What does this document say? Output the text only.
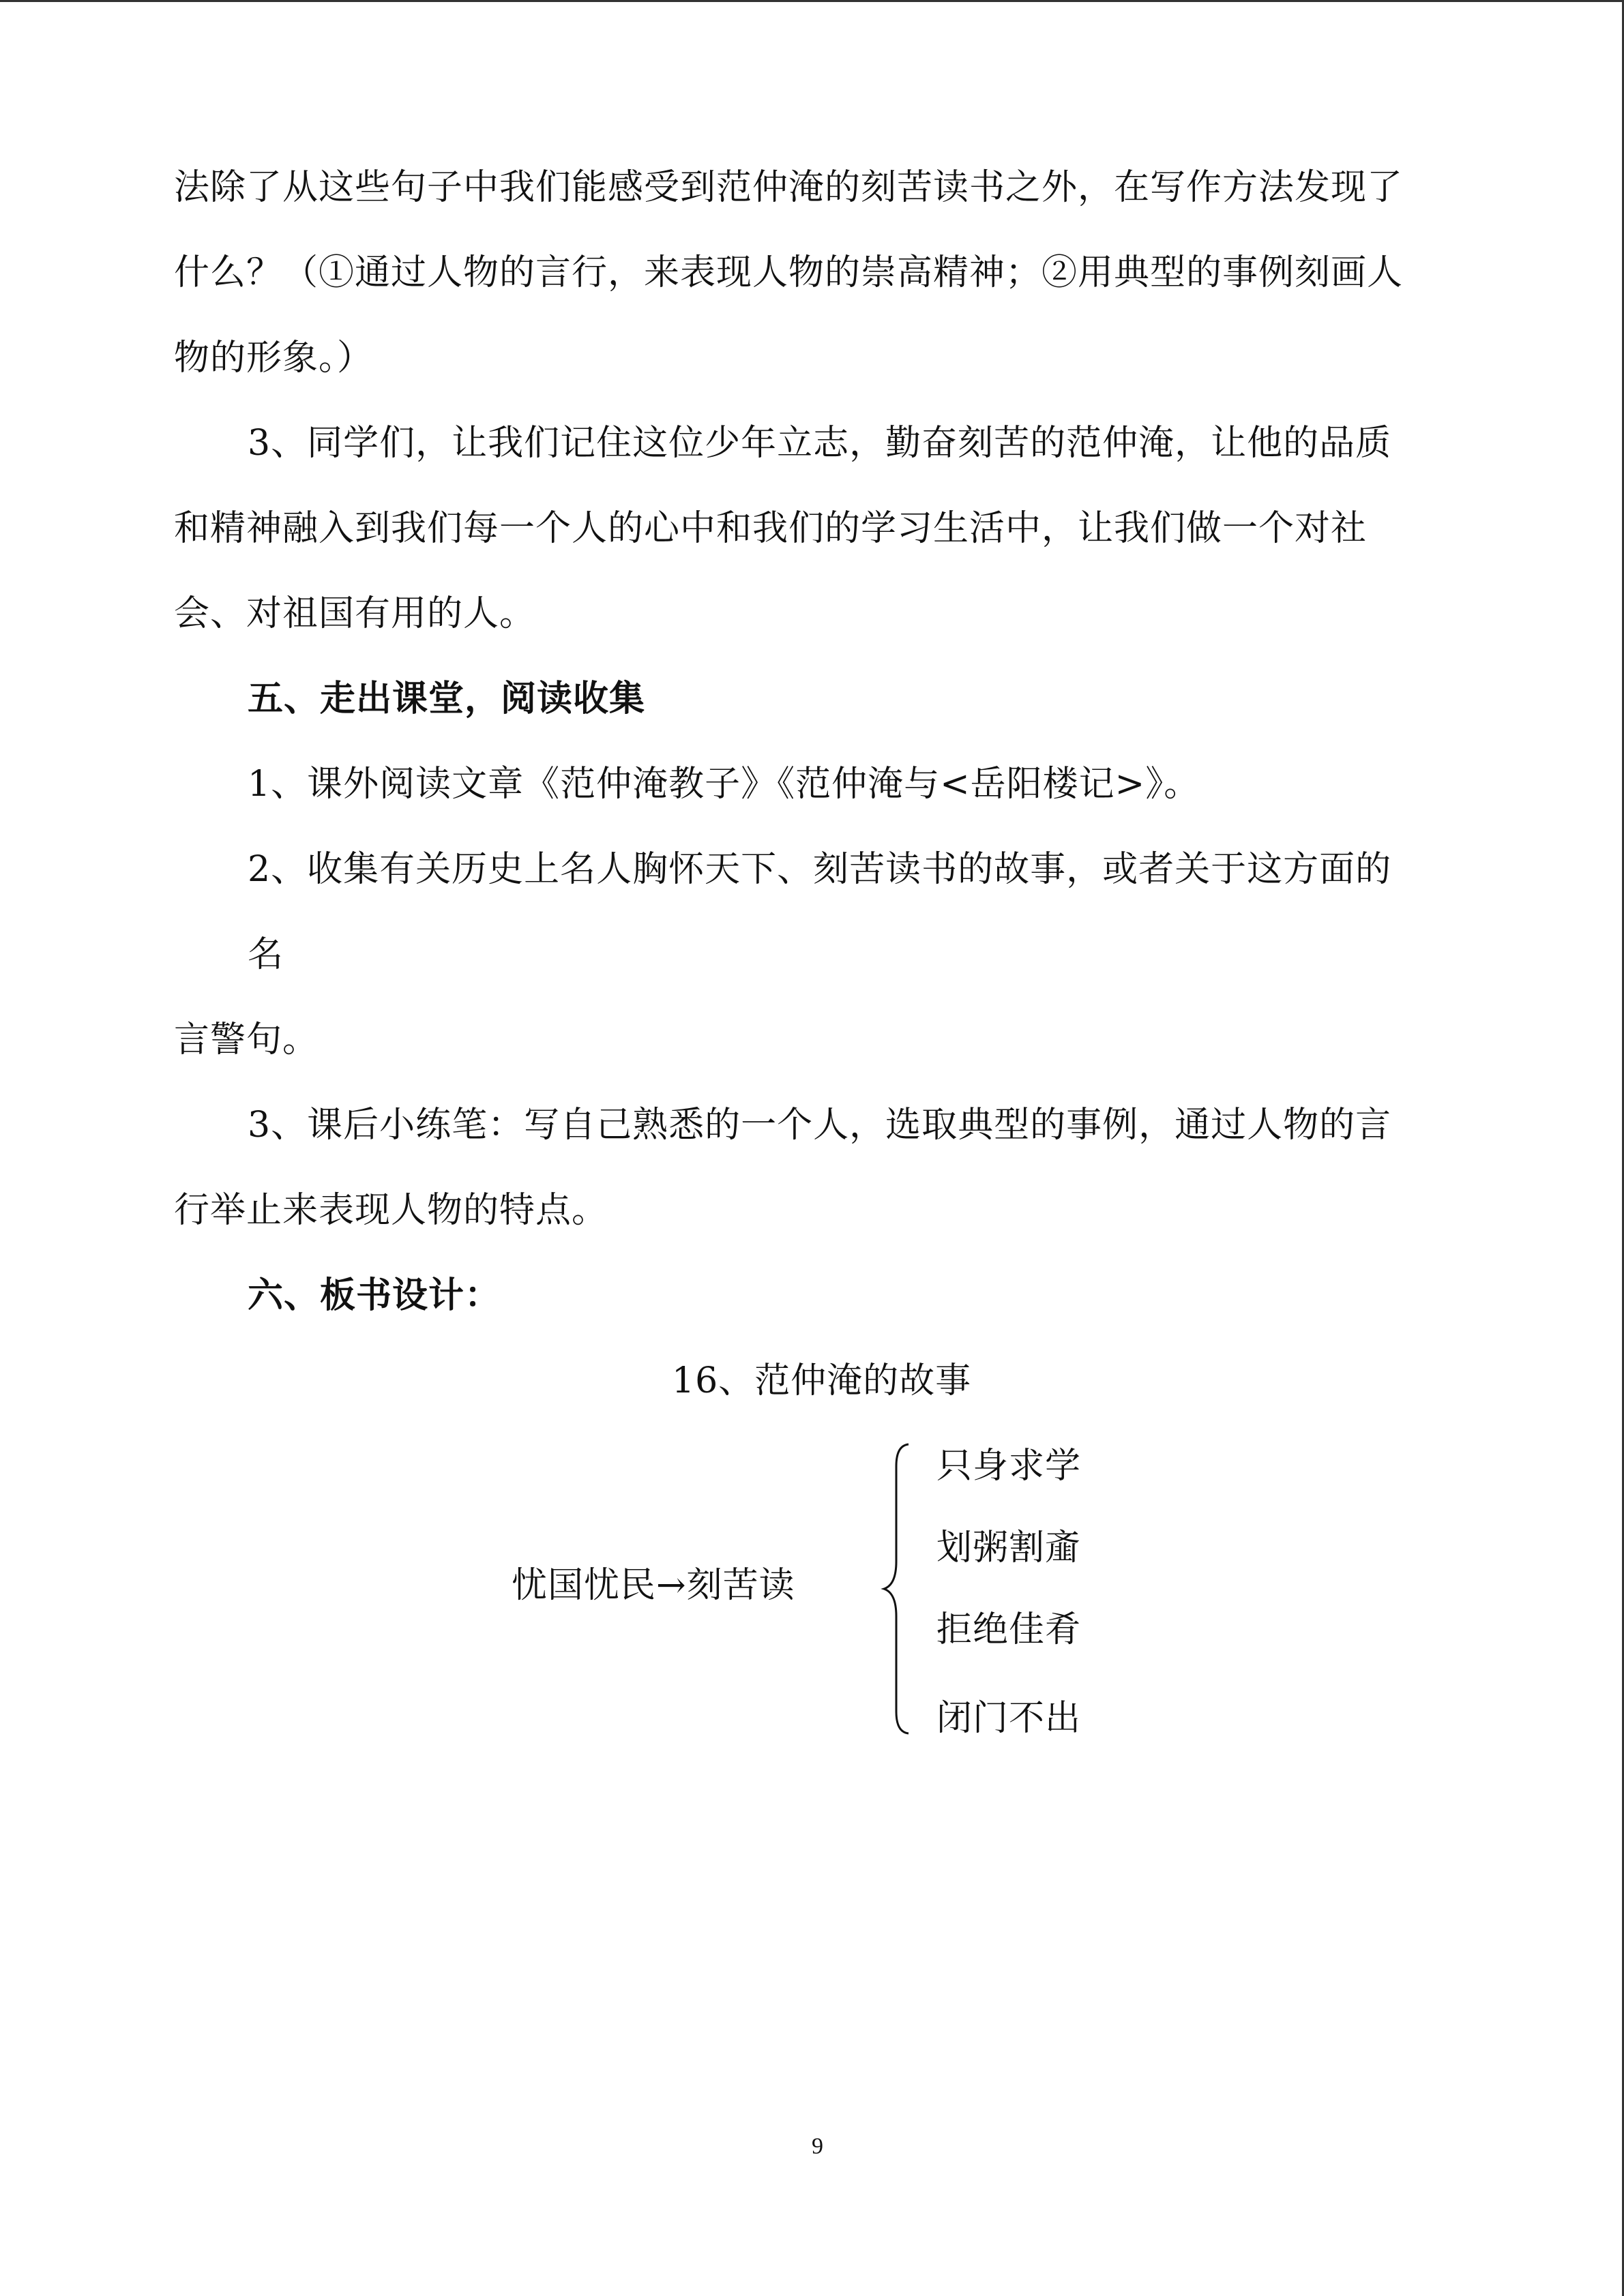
法除了从这些句子中我们能感受到范仲淹的刻苦读书之外，在写作方法发现了
什么？（①通过人物的言行，来表现人物的崇高精神；②用典型的事例刻画人
物的形象。）
3、同学们，让我们记住这位少年立志，勤奋刻苦的范仲淹，让他的品质
和精神融入到我们每一个人的心中和我们的学习生活中，让我们做一个对社
会、对祖国有用的人。
五、走出课堂，阅读收集
1、课外阅读文章《范仲淹教子》《范仲淹与<岳阳楼记>》。
2、收集有关历史上名人胸怀天下、刻苦读书的故事，或者关于这方面的
名
言警句。
3、课后小练笔：写自己熟悉的一个人，选取典型的事例，通过人物的言
行举止来表现人物的特点。
六、板书设计：
16、范仲淹的故事
忧国忧民→刻苦读
只身求学
划粥割齑
拒绝佳肴
闭门不出
9
